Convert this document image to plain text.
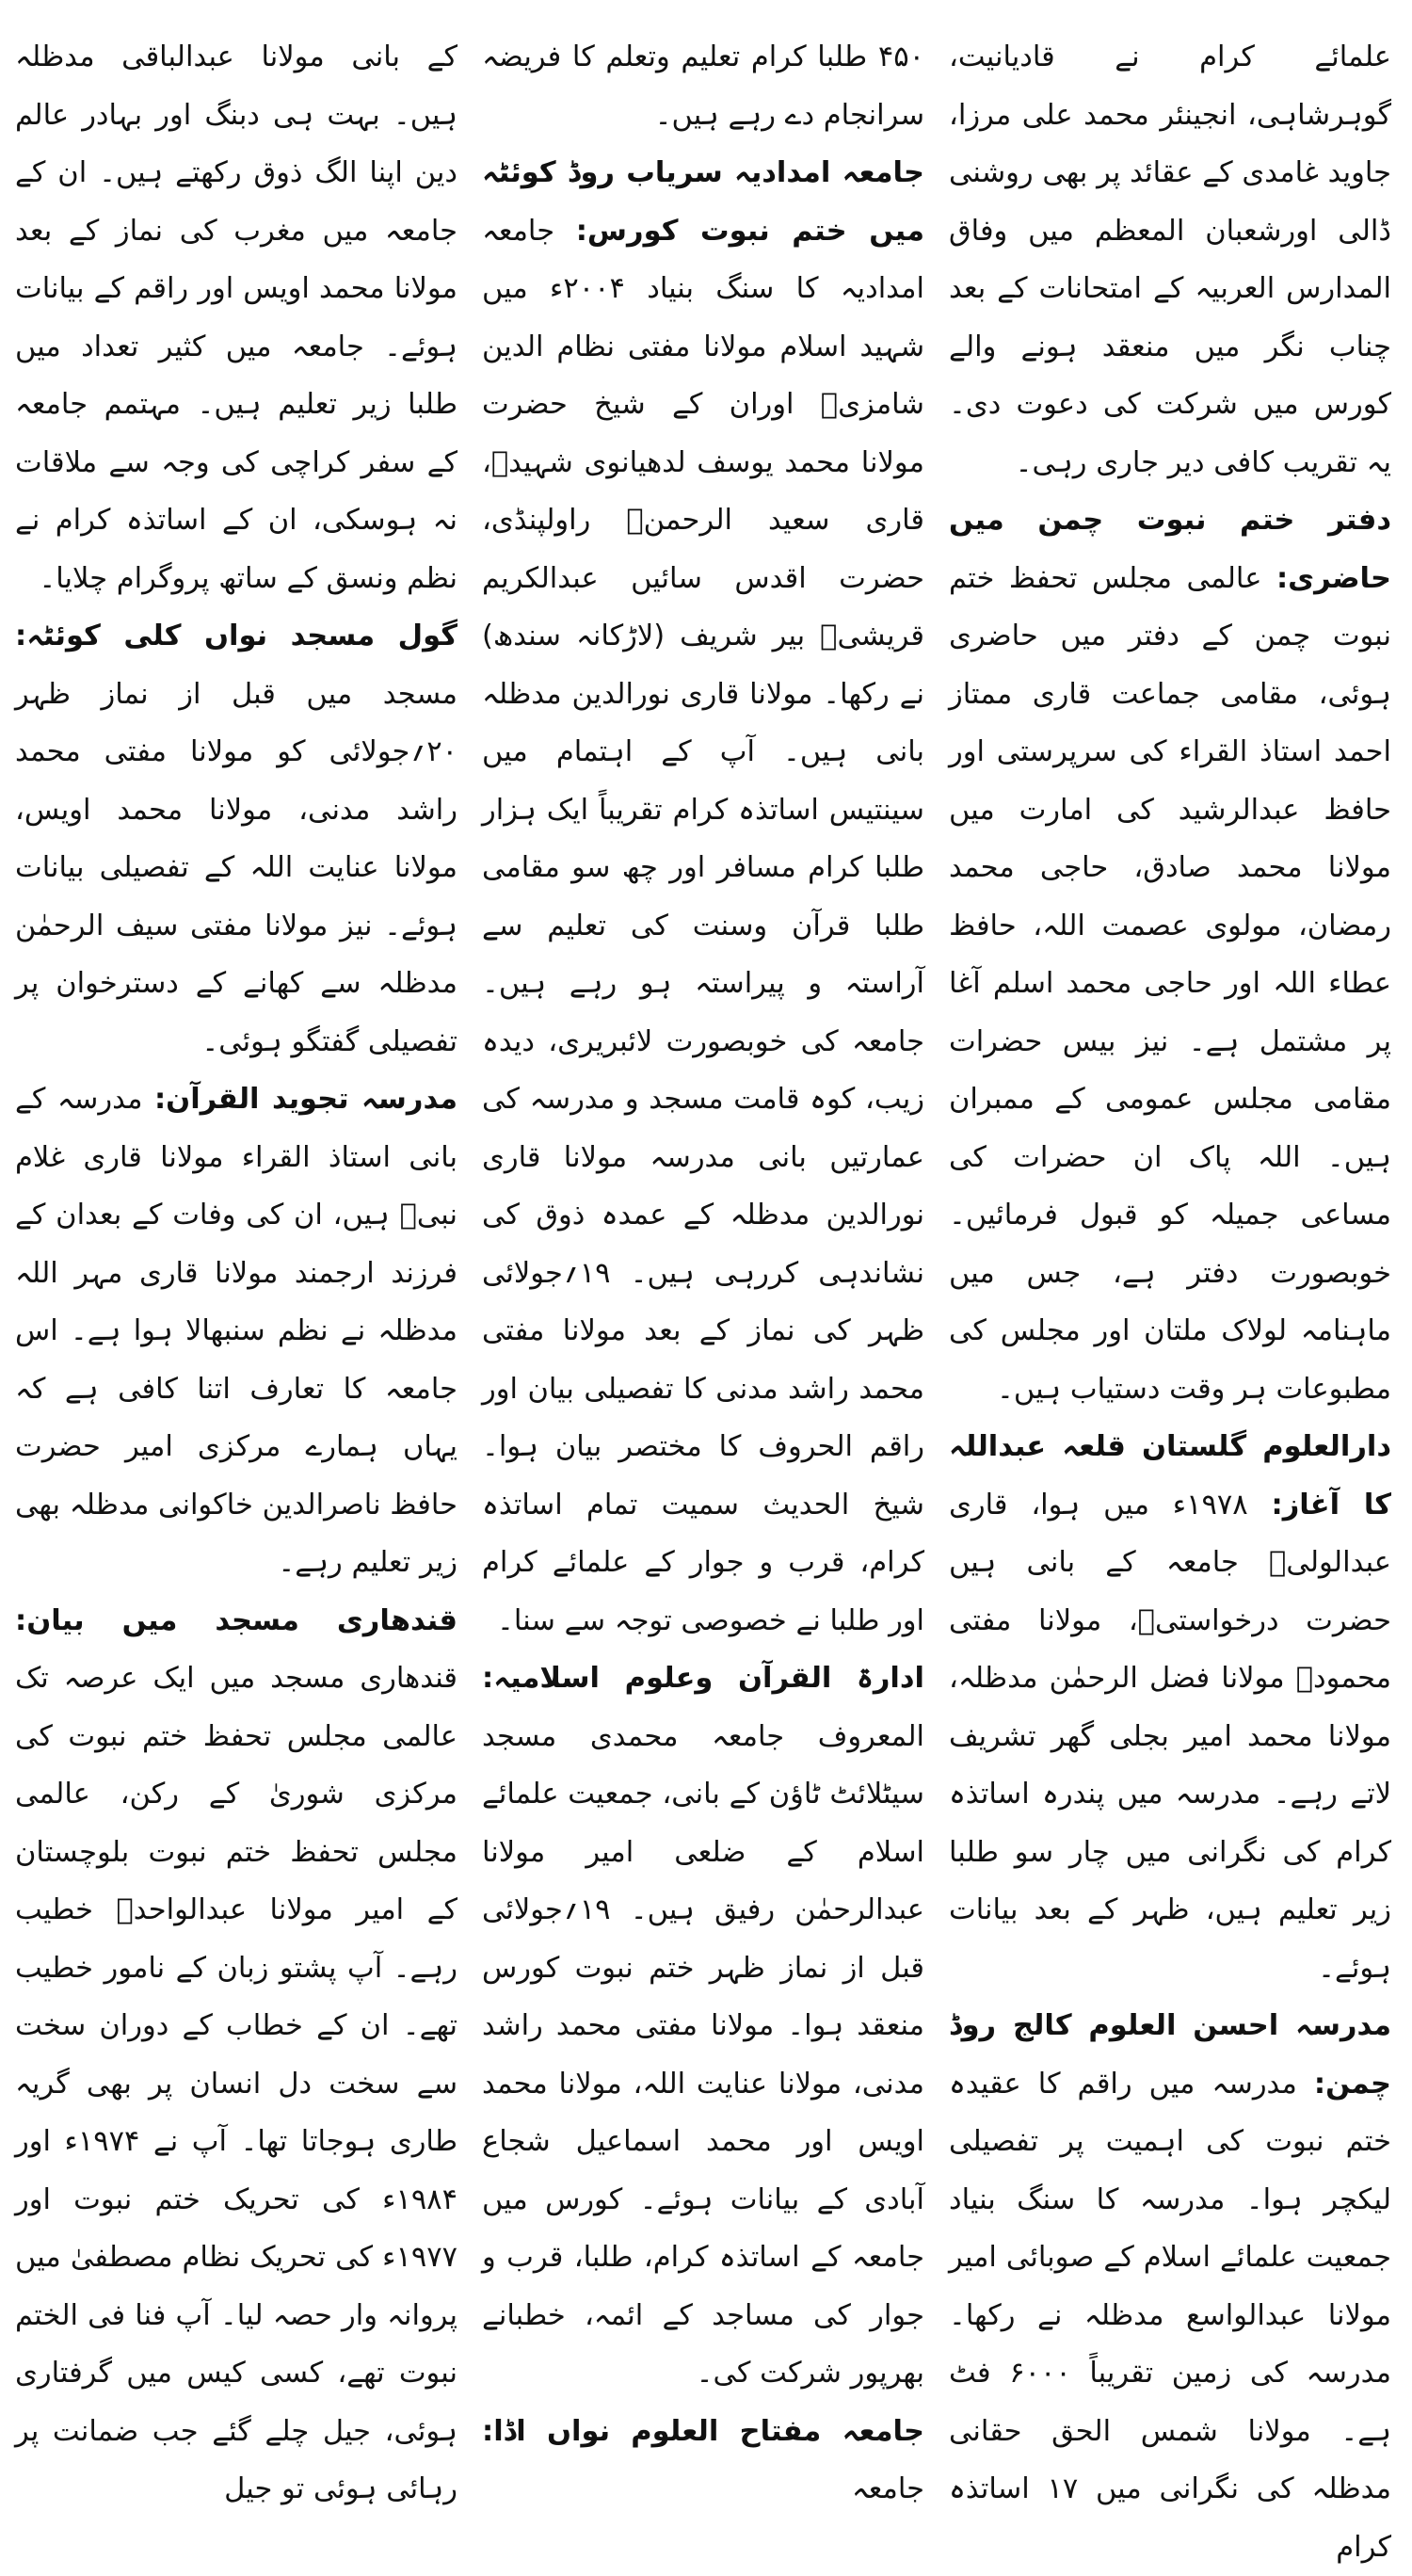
علمائے کرام نے قادیانیت، گوہرشاہی، انجینئر محمد علی مرزا، جاوید غامدی کے عقائد پر بھی روشنی ڈالی اورشعبان المعظم میں وفاق المدارس العربیہ کے امتحانات کے بعد چناب نگر میں منعقد ہونے والے کورس میں شرکت کی دعوت دی۔ یہ تقریب کافی دیر جاری رہی۔

دفتر ختم نبوت چمن میں حاضری: عالمی مجلس تحفظ ختم نبوت چمن کے دفتر میں حاضری ہوئی، مقامی جماعت قاری ممتاز احمد استاذ القراء کی سرپرستی اور حافظ عبدالرشید کی امارت میں مولانا محمد صادق، حاجی محمد رمضان، مولوی عصمت اللہ، حافظ عطاء اللہ اور حاجی محمد اسلم آغا پر مشتمل ہے۔ نیز بیس حضرات مقامی مجلس عمومی کے ممبران ہیں۔ اللہ پاک ان حضرات کی مساعی جمیلہ کو قبول فرمائیں۔ خوبصورت دفتر ہے، جس میں ماہنامہ لولاک ملتان اور مجلس کی مطبوعات ہر وقت دستیاب ہیں۔

دارالعلوم گلستان قلعہ عبداللہ کا آغاز: ۱۹۷۸ء میں ہوا، قاری عبدالولیؒ جامعہ کے بانی ہیں حضرت درخواستیؒ، مولانا مفتی محمودؒ مولانا فضل الرحمٰن مدظلہ، مولانا محمد امیر بجلی گھر تشریف لاتے رہے۔ مدرسہ میں پندرہ اساتذہ کرام کی نگرانی میں چار سو طلبا زیر تعلیم ہیں، ظہر کے بعد بیانات ہوئے۔

مدرسہ احسن العلوم کالج روڈ چمن: مدرسہ میں راقم کا عقیدہ ختم نبوت کی اہمیت پر تفصیلی لیکچر ہوا۔ مدرسہ کا سنگ بنیاد جمعیت علمائے اسلام کے صوبائی امیر مولانا عبدالواسع مدظلہ نے رکھا۔ مدرسہ کی زمین تقریباً ۶۰۰۰ فٹ ہے۔ مولانا شمس الحق حقانی مدظلہ کی نگرانی میں ۱۷ اساتذہ کرام

۴۵۰ طلبا کرام تعلیم وتعلم کا فریضہ سرانجام دے رہے ہیں۔

جامعہ امدادیہ سریاب روڈ کوئٹہ میں ختم نبوت کورس: جامعہ امدادیہ کا سنگ بنیاد ۲۰۰۴ء میں شہید اسلام مولانا مفتی نظام الدین شامزیؒ اوران کے شیخ حضرت مولانا محمد یوسف لدھیانوی شہیدؒ، قاری سعید الرحمنؒ راولپنڈی، حضرت اقدس سائیں عبدالکریم قریشیؒ بیر شریف (لاڑکانہ سندھ) نے رکھا۔ مولانا قاری نورالدین مدظلہ بانی ہیں۔ آپ کے اہتمام میں سینتیس اساتذہ کرام تقریباً ایک ہزار طلبا کرام مسافر اور چھ سو مقامی طلبا قرآن وسنت کی تعلیم سے آراستہ و پیراستہ ہو رہے ہیں۔ جامعہ کی خوبصورت لائبریری، دیدہ زیب، کوہ قامت مسجد و مدرسہ کی عمارتیں بانی مدرسہ مولانا قاری نورالدین مدظلہ کے عمدہ ذوق کی نشاندہی کررہی ہیں۔ ۱۹؍جولائی ظہر کی نماز کے بعد مولانا مفتی محمد راشد مدنی کا تفصیلی بیان اور راقم الحروف کا مختصر بیان ہوا۔ شیخ الحدیث سمیت تمام اساتذہ کرام، قرب و جوار کے علمائے کرام اور طلبا نے خصوصی توجہ سے سنا۔

ادارۃ القرآن وعلوم اسلامیہ: المعروف جامعہ محمدی مسجد سیٹلائٹ ٹاؤن کے بانی، جمعیت علمائے اسلام کے ضلعی امیر مولانا عبدالرحمٰن رفیق ہیں۔ ۱۹؍جولائی قبل از نماز ظہر ختم نبوت کورس منعقد ہوا۔ مولانا مفتی محمد راشد مدنی، مولانا عنایت اللہ، مولانا محمد اویس اور محمد اسماعیل شجاع آبادی کے بیانات ہوئے۔ کورس میں جامعہ کے اساتذہ کرام، طلبا، قرب و جوار کی مساجد کے ائمہ، خطبانے بھرپور شرکت کی۔

جامعہ مفتاح العلوم نواں اڈا: جامعہ

کے بانی مولانا عبدالباقی مدظلہ ہیں۔ بہت ہی دبنگ اور بہادر عالم دین اپنا الگ ذوق رکھتے ہیں۔ ان کے جامعہ میں مغرب کی نماز کے بعد مولانا محمد اویس اور راقم کے بیانات ہوئے۔ جامعہ میں کثیر تعداد میں طلبا زیر تعلیم ہیں۔ مہتمم جامعہ کے سفر کراچی کی وجہ سے ملاقات نہ ہوسکی، ان کے اساتذہ کرام نے نظم ونسق کے ساتھ پروگرام چلایا۔

گول مسجد نواں کلی کوئٹہ: مسجد میں قبل از نماز ظہر ۲۰؍جولائی کو مولانا مفتی محمد راشد مدنی، مولانا محمد اویس، مولانا عنایت اللہ کے تفصیلی بیانات ہوئے۔ نیز مولانا مفتی سیف الرحمٰن مدظلہ سے کھانے کے دسترخوان پر تفصیلی گفتگو ہوئی۔

مدرسہ تجوید القرآن: مدرسہ کے بانی استاذ القراء مولانا قاری غلام نبیؒ ہیں، ان کی وفات کے بعدان کے فرزند ارجمند مولانا قاری مہر اللہ مدظلہ نے نظم سنبھالا ہوا ہے۔ اس جامعہ کا تعارف اتنا کافی ہے کہ یہاں ہمارے مرکزی امیر حضرت حافظ ناصرالدین خاکوانی مدظلہ بھی زیر تعلیم رہے۔

قندھاری مسجد میں بیان: قندھاری مسجد میں ایک عرصہ تک عالمی مجلس تحفظ ختم نبوت کی مرکزی شوریٰ کے رکن، عالمی مجلس تحفظ ختم نبوت بلوچستان کے امیر مولانا عبدالواحدؒ خطیب رہے۔ آپ پشتو زبان کے نامور خطیب تھے۔ ان کے خطاب کے دوران سخت سے سخت دل انسان پر بھی گریہ طاری ہوجاتا تھا۔ آپ نے ۱۹۷۴ء اور ۱۹۸۴ء کی تحریک ختم نبوت اور ۱۹۷۷ء کی تحریک نظام مصطفیٰ میں پروانہ وار حصہ لیا۔ آپ فنا فی الختم نبوت تھے، کسی کیس میں گرفتاری ہوئی، جیل چلے گئے جب ضمانت پر رہائی ہوئی تو جیل
